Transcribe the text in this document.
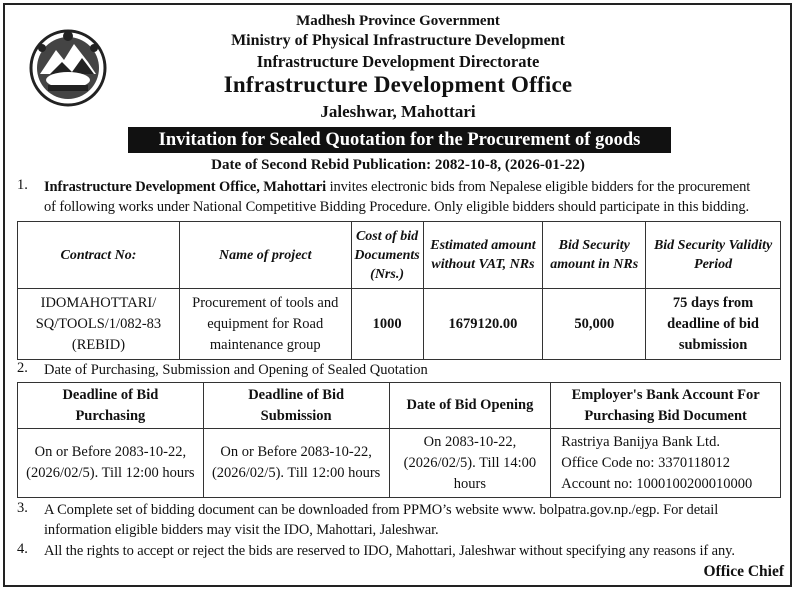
Madhesh Province Government
Ministry of Physical Infrastructure Development
Infrastructure Development Directorate
Infrastructure Development Office
Jaleshwar, Mahottari
Invitation for Sealed Quotation for the Procurement of goods
Date of Second Rebid Publication: 2082-10-8, (2026-01-22)
1. Infrastructure Development Office, Mahottari invites electronic bids from Nepalese eligible bidders for the procurement
of following works under National Competitive Bidding Procedure. Only eligible bidders should participate in this bidding.
Contract No:	Name of project	Cost of bid Documents (Nrs.)	Estimated amount without VAT, NRs	Bid Security amount in NRs	Bid Security Validity Period
IDOMAHOTTARI/ SQ/TOOLS/1/082-83 (REBID)	Procurement of tools and equipment for Road maintenance group	1000	1679120.00	50,000	75 days from deadline of bid submission
2. Date of Purchasing, Submission and Opening of Sealed Quotation
Deadline of Bid Purchasing	Deadline of Bid Submission	Date of Bid Opening	Employer's Bank Account For Purchasing Bid Document
On or Before 2083-10-22, (2026/02/5). Till 12:00 hours	On or Before 2083-10-22, (2026/02/5). Till 12:00 hours	On 2083-10-22, (2026/02/5). Till 14:00 hours	Rastriya Banijya Bank Ltd.
Office Code no: 3370118012
Account no: 1000100200010000
3. A Complete set of bidding document can be downloaded from PPMO’s website www. bolpatra.gov.np./egp. For detail
information eligible bidders may visit the IDO, Mahottari, Jaleshwar.
4. All the rights to accept or reject the bids are reserved to IDO, Mahottari, Jaleshwar without specifying any reasons if any.
Office Chief
